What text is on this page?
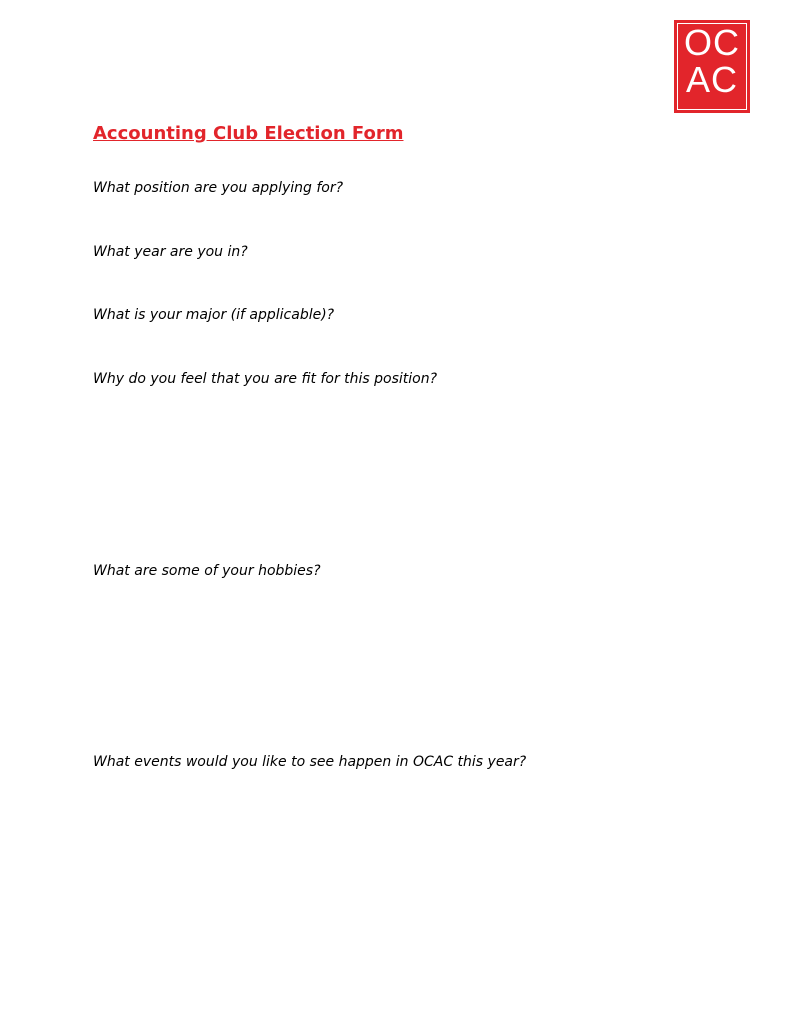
OC
AC
Accounting Club Election Form

What position are you applying for?

What year are you in?

What is your major (if applicable)?

Why do you feel that you are fit for this position?

What are some of your hobbies?

What events would you like to see happen in OCAC this year?
